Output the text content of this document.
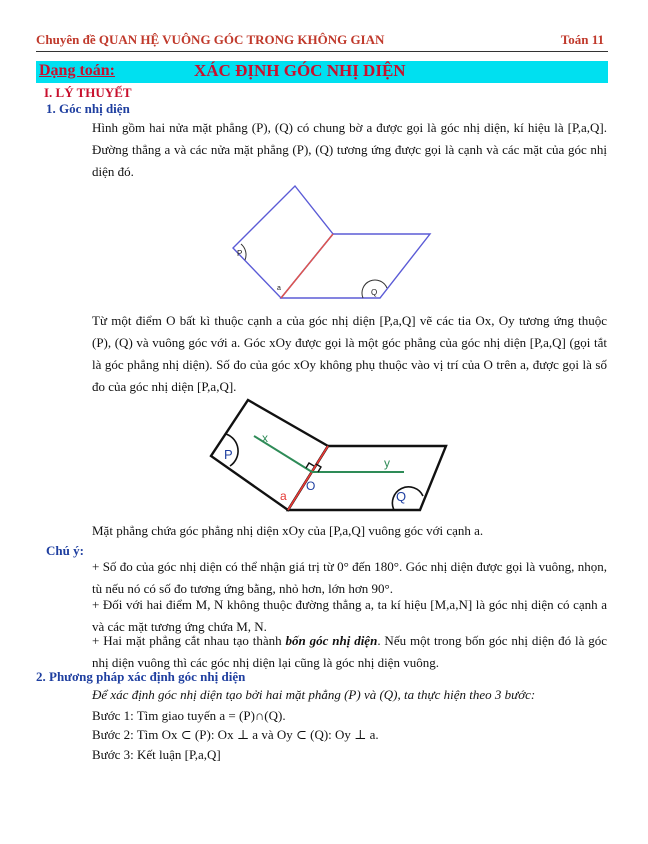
Chuyên đề QUAN HỆ VUÔNG GÓC TRONG KHÔNG GIAN	Toán 11
Dạng toán:	XÁC ĐỊNH GÓC NHỊ DIỆN
I. LÝ THUYẾT
1. Góc nhị diện
Hình gồm hai nửa mặt phẳng (P), (Q) có chung bờ a được gọi là góc nhị diện, kí hiệu là [P,a,Q]. Đường thẳng a và các nửa mặt phẳng (P), (Q) tương ứng được gọi là cạnh và các mặt của góc nhị diện đó.
P
Q
a
Từ một điểm O bất kì thuộc cạnh a của góc nhị diện [P,a,Q] vẽ các tia Ox, Oy tương ứng thuộc (P), (Q) và vuông góc với a. Góc xOy được gọi là một góc phẳng của góc nhị diện [P,a,Q] (gọi tắt là góc phẳng nhị diện). Số đo của góc xOy không phụ thuộc vào vị trí của O trên a, được gọi là số đo của góc nhị diện [P,a,Q].
x
y
P
Q
O
a
Mặt phẳng chứa góc phẳng nhị diện xOy của [P,a,Q] vuông góc với cạnh a.
Chú ý:
+ Số đo của góc nhị diện có thể nhận giá trị từ 0° đến 180°. Góc nhị diện được gọi là vuông, nhọn, tù nếu nó có số đo tương ứng bằng, nhỏ hơn, lớn hơn 90°.
+ Đối với hai điểm M, N không thuộc đường thẳng a, ta kí hiệu [M,a,N] là góc nhị diện có cạnh a và các mặt tương ứng chứa M, N.
+ Hai mặt phẳng cắt nhau tạo thành bốn góc nhị diện. Nếu một trong bốn góc nhị diện đó là góc nhị diện vuông thì các góc nhị diện lại cũng là góc nhị diện vuông.
2. Phương pháp xác định góc nhị diện
Để xác định góc nhị diện tạo bởi hai mặt phẳng (P) và (Q), ta thực hiện theo 3 bước:
Bước 1: Tìm giao tuyến a = (P)∩(Q).
Bước 2: Tìm Ox ⊂ (P): Ox ⊥ a và Oy ⊂ (Q): Oy ⊥ a.
Bước 3: Kết luận [P,a,Q]
